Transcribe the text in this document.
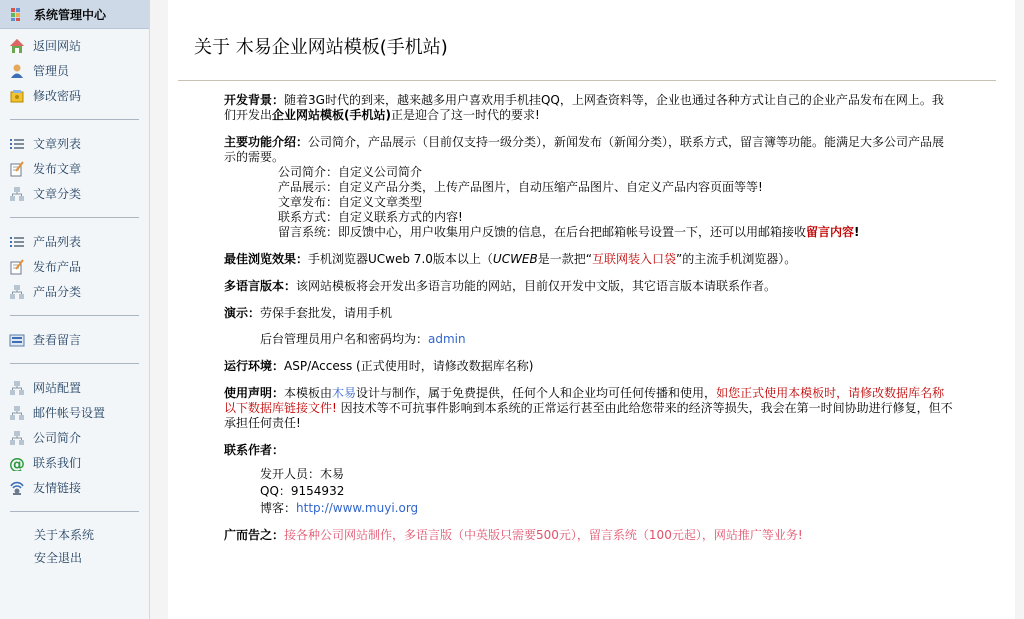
系统管理中心
返回网站
管理员
修改密码
文章列表
发布文章
文章分类
产品列表
发布产品
产品分类
查看留言
网站配置
邮件帐号设置
公司简介
@ 联系我们
友情链接
关于本系统
安全退出
关于 木易企业网站模板(手机站)

开发背景：随着3G时代的到来，越来越多用户喜欢用手机挂QQ，上网查资料等，企业也通过各种方式让自己的企业产品发布在网上。我们开发出企业网站模板(手机站)正是迎合了这一时代的要求!

主要功能介绍：公司简介，产品展示（目前仅支持一级分类），新闻发布（新闻分类），联系方式，留言簿等功能。能满足大多公司产品展示的需要。
公司简介：自定义公司简介
产品展示：自定义产品分类，上传产品图片，自动压缩产品图片、自定义产品内容页面等等!
文章发布：自定义文章类型
联系方式：自定义联系方式的内容!
留言系统：即反馈中心，用户收集用户反馈的信息，在后台把邮箱帐号设置一下，还可以用邮箱接收留言内容!

最佳浏览效果：手机浏览器UCweb 7.0版本以上（UCWEB是一款把“互联网装入口袋”的主流手机浏览器）。

多语言版本：该网站模板将会开发出多语言功能的网站，目前仅开发中文版，其它语言版本请联系作者。

演示：劳保手套批发，请用手机
后台管理员用户名和密码均为：admin

运行环境：ASP/Access (正式使用时，请修改数据库名称)

使用声明：本模板由木易设计与制作，属于免费提供，任何个人和企业均可任何传播和使用，如您正式使用本模板时，请修改数据库名称以下数据库链接文件! 因技术等不可抗事件影响到本系统的正常运行甚至由此给您带来的经济等损失，我会在第一时间协助进行修复，但不承担任何责任!

联系作者：
发开人员：木易
QQ：9154932
博客：http://www.muyi.org

广而告之：接各种公司网站制作，多语言版（中英版只需要500元），留言系统（100元起），网站推广等业务!
